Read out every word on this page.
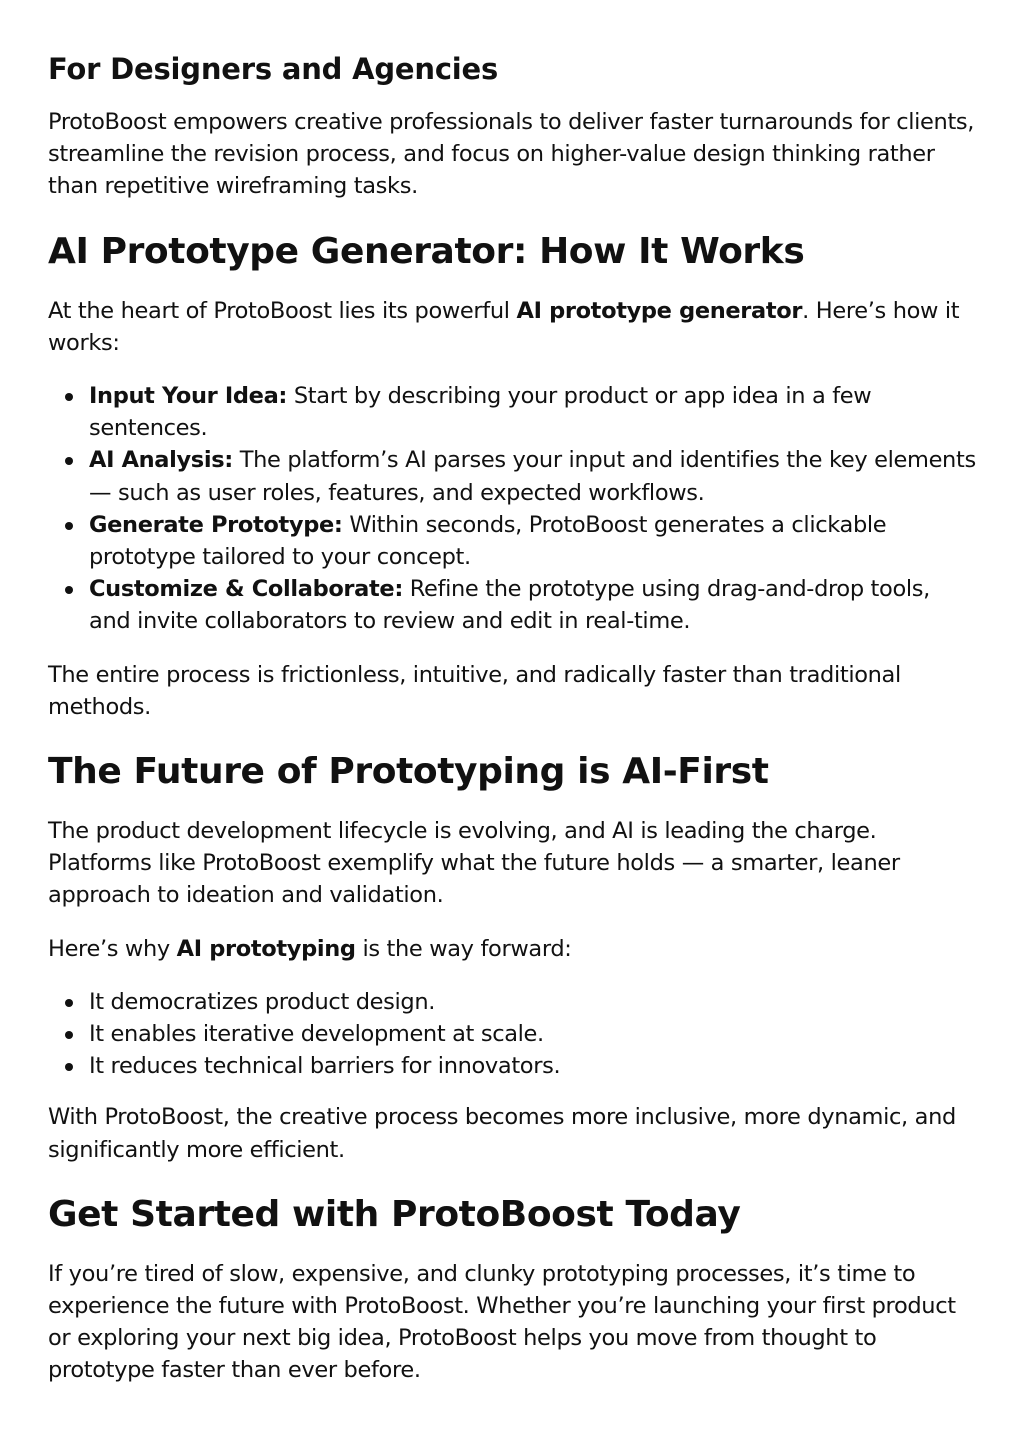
For Designers and Agencies

ProtoBoost empowers creative professionals to deliver faster turnarounds for clients, streamline the revision process, and focus on higher-value design thinking rather than repetitive wireframing tasks.

AI Prototype Generator: How It Works

At the heart of ProtoBoost lies its powerful AI prototype generator. Here’s how it works:

Input Your Idea: Start by describing your product or app idea in a few sentences.
AI Analysis: The platform’s AI parses your input and identifies the key elements — such as user roles, features, and expected workflows.
Generate Prototype: Within seconds, ProtoBoost generates a clickable prototype tailored to your concept.
Customize & Collaborate: Refine the prototype using drag-and-drop tools, and invite collaborators to review and edit in real-time.

The entire process is frictionless, intuitive, and radically faster than traditional methods.

The Future of Prototyping is AI-First

The product development lifecycle is evolving, and AI is leading the charge. Platforms like ProtoBoost exemplify what the future holds — a smarter, leaner approach to ideation and validation.

Here’s why AI prototyping is the way forward:

It democratizes product design.
It enables iterative development at scale.
It reduces technical barriers for innovators.

With ProtoBoost, the creative process becomes more inclusive, more dynamic, and significantly more efficient.

Get Started with ProtoBoost Today

If you’re tired of slow, expensive, and clunky prototyping processes, it’s time to experience the future with ProtoBoost. Whether you’re launching your first product or exploring your next big idea, ProtoBoost helps you move from thought to prototype faster than ever before.
